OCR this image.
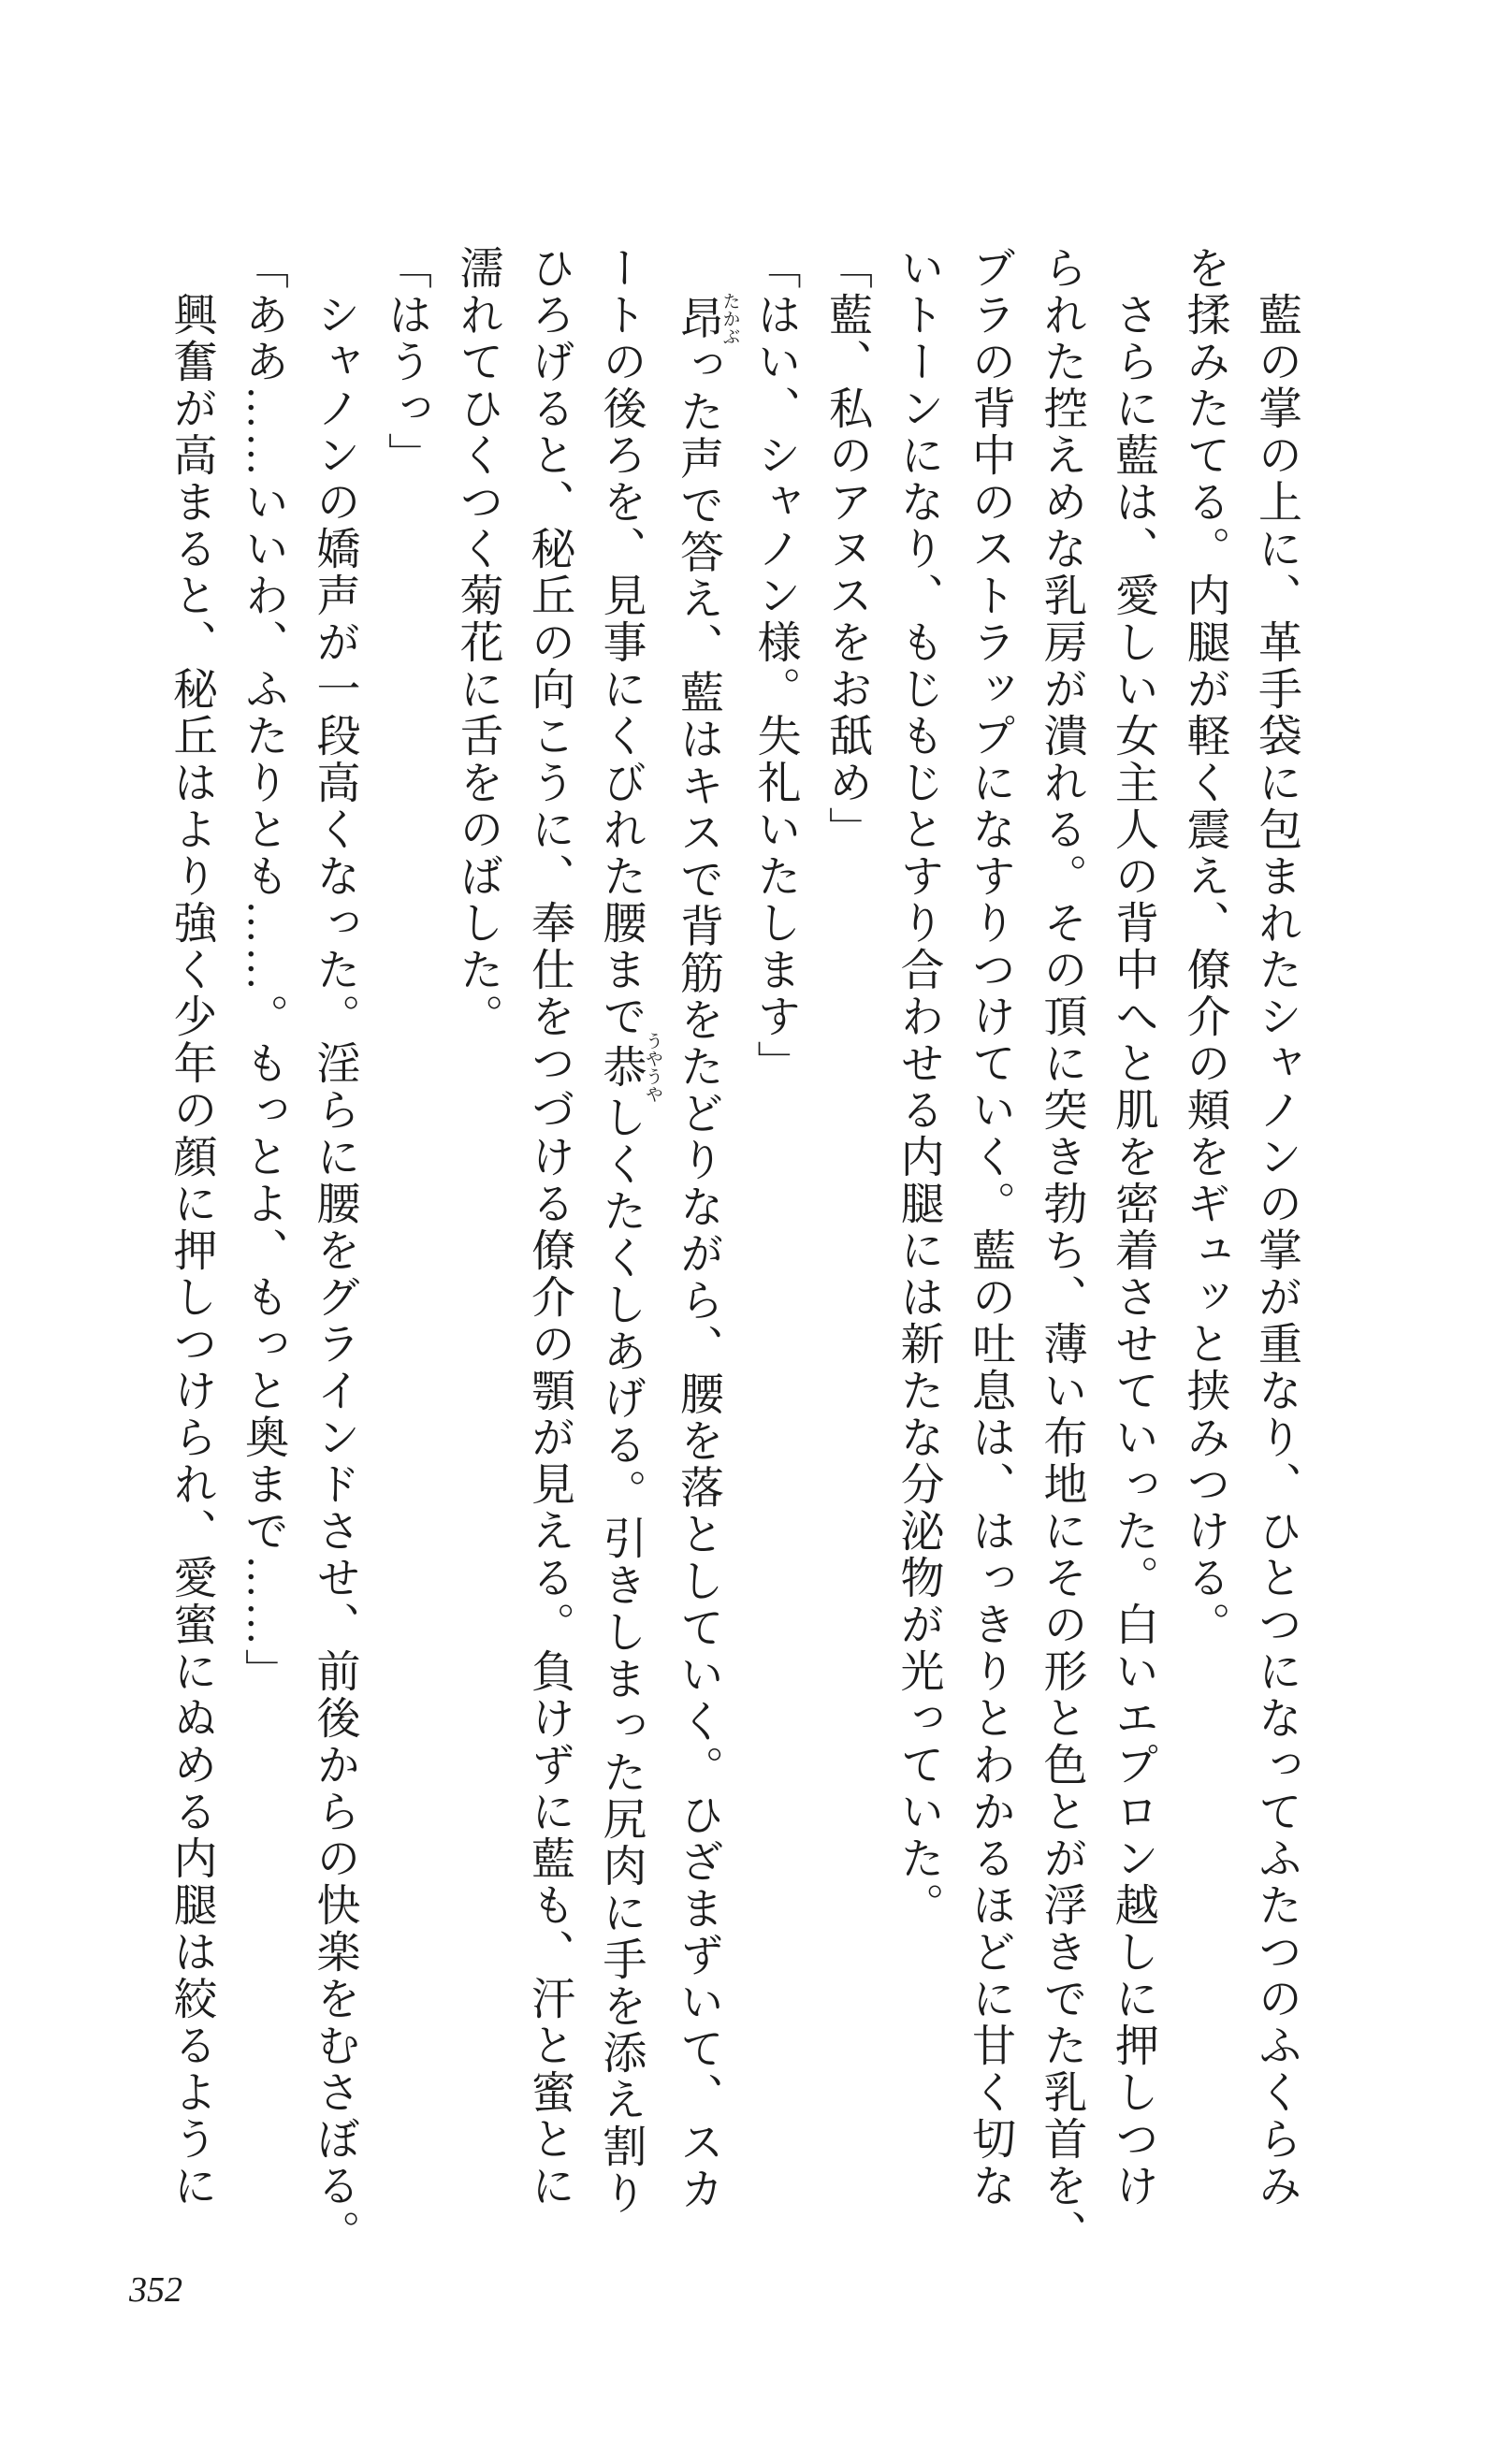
藍の掌の上に、革手袋に包まれたシャノンの掌が重なり、ひとつになってふたつのふくらみ

を揉みたてる。内腿が軽く震え、僚介の頬をギュッと挟みつける。

さらに藍は、愛しい女主人の背中へと肌を密着させていった。白いエプロン越しに押しつけ

られた控えめな乳房が潰れる。その頂に突き勃ち、薄い布地にその形と色とが浮きでた乳首を、

ブラの背中のストラップになすりつけていく。藍の吐息は、はっきりとわかるほどに甘く切な

いトーンになり、もじもじとすり合わせる内腿には新たな分泌物が光っていた。

「藍、私のアヌスをお舐め」

「はい、シャノン様。失礼いたします」

昂たかぶった声で答え、藍はキスで背筋をたどりながら、腰を落としていく。ひざまずいて、スカ

ートの後ろを、見事にくびれた腰まで恭うやうやしくたくしあげる。引きしまった尻肉に手を添え割り

ひろげると、秘丘の向こうに、奉仕をつづける僚介の顎が見える。負けずに藍も、汗と蜜とに

濡れてひくつく菊花に舌をのばした。

「はうっ」

シャノンの嬌声が一段高くなった。淫らに腰をグラインドさせ、前後からの快楽をむさぼる。

「ああ……いいわ、ふたりとも……。もっとよ、もっと奥まで……」

興奮が高まると、秘丘はより強く少年の顔に押しつけられ、愛蜜にぬめる内腿は絞るように

352
